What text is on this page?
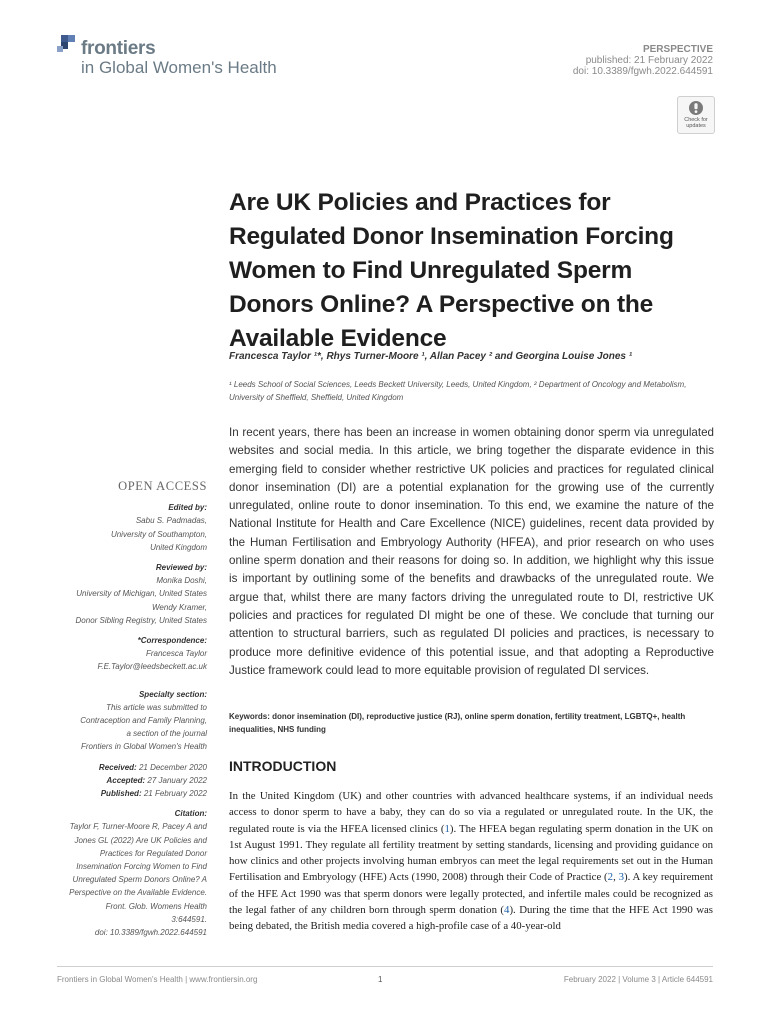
frontiers
in Global Women's Health
PERSPECTIVE
published: 21 February 2022
doi: 10.3389/fgwh.2022.644591
Check for
updates
Are UK Policies and Practices for Regulated Donor Insemination Forcing Women to Find Unregulated Sperm Donors Online? A Perspective on the Available Evidence
Francesca Taylor ¹*, Rhys Turner-Moore ¹, Allan Pacey ² and Georgina Louise Jones ¹
¹ Leeds School of Social Sciences, Leeds Beckett University, Leeds, United Kingdom, ² Department of Oncology and Metabolism, University of Sheffield, Sheffield, United Kingdom

In recent years, there has been an increase in women obtaining donor sperm via unregulated websites and social media. In this article, we bring together the disparate evidence in this emerging field to consider whether restrictive UK policies and practices for regulated clinical donor insemination (DI) are a potential explanation for the growing use of the currently unregulated, online route to donor insemination. To this end, we examine the nature of the National Institute for Health and Care Excellence (NICE) guidelines, recent data provided by the Human Fertilisation and Embryology Authority (HFEA), and prior research on who uses online sperm donation and their reasons for doing so. In addition, we highlight why this issue is important by outlining some of the benefits and drawbacks of the unregulated route. We argue that, whilst there are many factors driving the unregulated route to DI, restrictive UK policies and practices for regulated DI might be one of these. We conclude that turning our attention to structural barriers, such as regulated DI policies and practices, is necessary to produce more definitive evidence of this potential issue, and that adopting a Reproductive Justice framework could lead to more equitable provision of regulated DI services.

Keywords: donor insemination (DI), reproductive justice (RJ), online sperm donation, fertility treatment, LGBTQ+, health inequalities, NHS funding
INTRODUCTION

In the United Kingdom (UK) and other countries with advanced healthcare systems, if an individual needs access to donor sperm to have a baby, they can do so via a regulated or unregulated route. In the UK, the regulated route is via the HFEA licensed clinics (1). The HFEA began regulating sperm donation in the UK on 1st August 1991. They regulate all fertility treatment by setting standards, licensing and providing guidance on how clinics and other projects involving human embryos can meet the legal requirements set out in the Human Fertilisation and Embryology (HFE) Acts (1990, 2008) through their Code of Practice (2, 3). A key requirement of the HFE Act 1990 was that sperm donors were legally protected, and infertile males could be recognized as the legal father of any children born through sperm donation (4). During the time that the HFE Act 1990 was being debated, the British media covered a high-profile case of a 40-year-old

OPEN ACCESS
Edited by:
Sabu S. Padmadas,
University of Southampton,
United Kingdom
Reviewed by:
Monika Doshi,
University of Michigan, United States
Wendy Kramer,
Donor Sibling Registry, United States
*Correspondence:
Francesca Taylor
F.E.Taylor@leedsbeckett.ac.uk
Specialty section:
This article was submitted to
Contraception and Family Planning,
a section of the journal
Frontiers in Global Women's Health
Received: 21 December 2020
Accepted: 27 January 2022
Published: 21 February 2022
Citation:
Taylor F, Turner-Moore R, Pacey A and
Jones GL (2022) Are UK Policies and
Practices for Regulated Donor
Insemination Forcing Women to Find
Unregulated Sperm Donors Online? A
Perspective on the Available Evidence.
Front. Glob. Womens Health
3:644591.
doi: 10.3389/fgwh.2022.644591
Frontiers in Global Women's Health | www.frontiersin.org	1	February 2022 | Volume 3 | Article 644591
